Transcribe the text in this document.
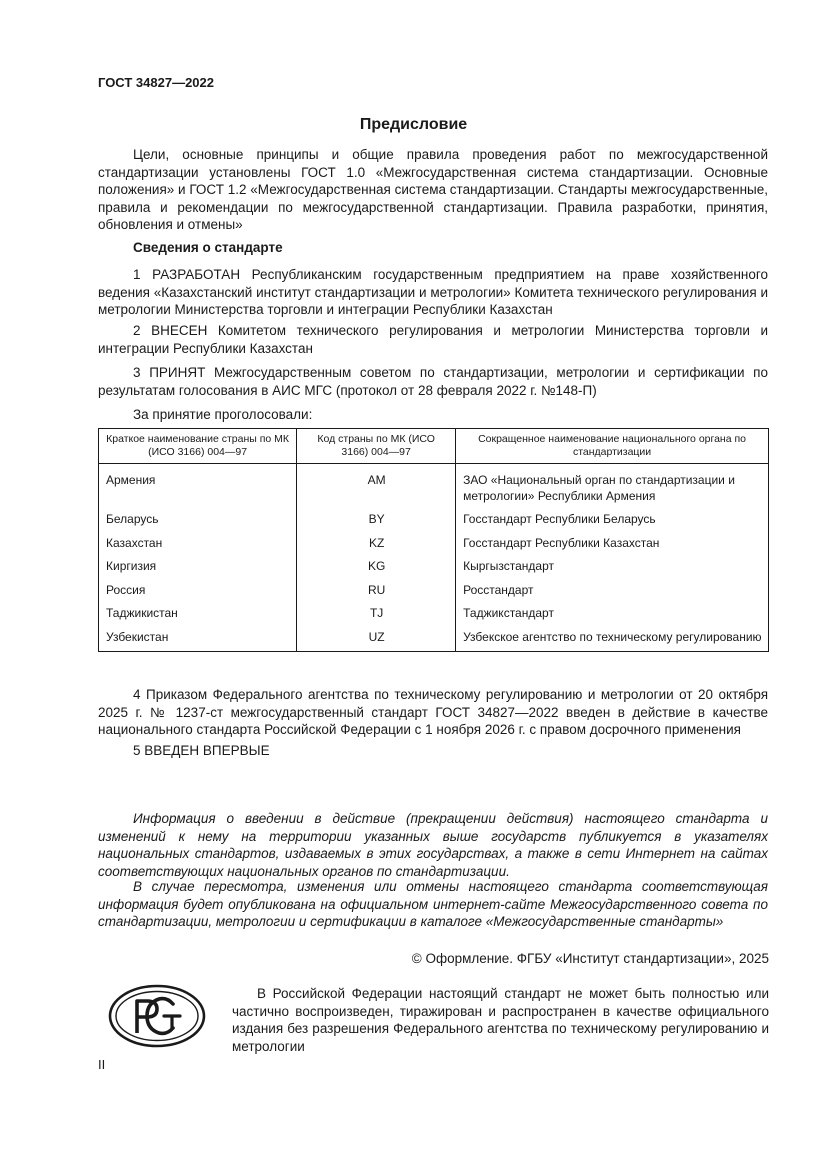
ГОСТ 34827—2022
Предисловие
Цели, основные принципы и общие правила проведения работ по межгосударственной стандартизации установлены ГОСТ 1.0 «Межгосударственная система стандартизации. Основные положения» и ГОСТ 1.2 «Межгосударственная система стандартизации. Стандарты межгосударственные, правила и рекомендации по межгосударственной стандартизации. Правила разработки, принятия, обновления и отмены»
Сведения о стандарте
1 РАЗРАБОТАН Республиканским государственным предприятием на праве хозяйственного ведения «Казахстанский институт стандартизации и метрологии» Комитета технического регулирования и метрологии Министерства торговли и интеграции Республики Казахстан
2 ВНЕСЕН Комитетом технического регулирования и метрологии Министерства торговли и интеграции Республики Казахстан
3 ПРИНЯТ Межгосударственным советом по стандартизации, метрологии и сертификации по результатам голосования в АИС МГС (протокол от 28 февраля 2022 г. №148-П)
За принятие проголосовали:
Краткое наименование страны по МК (ИСО 3166) 004—97	Код страны по МК (ИСО 3166) 004—97	Сокращенное наименование национального органа по стандартизации
Армения	AM	ЗАО «Национальный орган по стандартизации и метрологии» Республики Армения
Беларусь	BY	Госстандарт Республики Беларусь
Казахстан	KZ	Госстандарт Республики Казахстан
Киргизия	KG	Кыргызстандарт
Россия	RU	Росстандарт
Таджикистан	TJ	Таджикстандарт
Узбекистан	UZ	Узбекское агентство по техническому регулированию
4 Приказом Федерального агентства по техническому регулированию и метрологии от 20 октября 2025 г. № 1237-ст межгосударственный стандарт ГОСТ 34827—2022 введен в действие в качестве национального стандарта Российской Федерации с 1 ноября 2026 г. с правом досрочного применения
5 ВВЕДЕН ВПЕРВЫЕ
Информация о введении в действие (прекращении действия) настоящего стандарта и изменений к нему на территории указанных выше государств публикуется в указателях национальных стандартов, издаваемых в этих государствах, а также в сети Интернет на сайтах соответствующих национальных органов по стандартизации.
В случае пересмотра, изменения или отмены настоящего стандарта соответствующая информация будет опубликована на официальном интернет-сайте Межгосударственного совета по стандартизации, метрологии и сертификации в каталоге «Межгосударственные стандарты»
© Оформление. ФГБУ «Институт стандартизации», 2025
В Российской Федерации настоящий стандарт не может быть полностью или частично воспроизведен, тиражирован и распространен в качестве официального издания без разрешения Федерального агентства по техническому регулированию и метрологии
II
